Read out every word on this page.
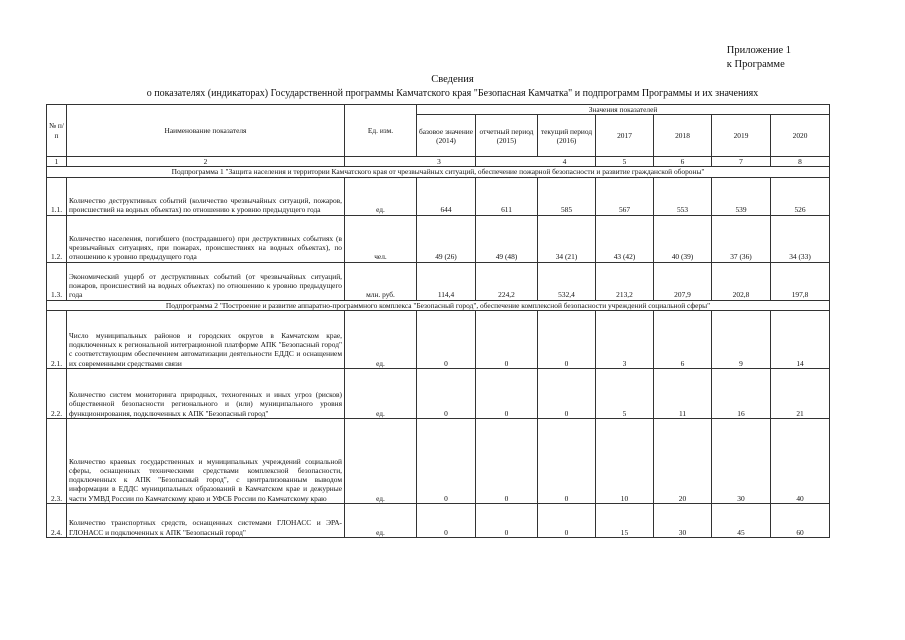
Приложение 1
к Программе
Сведения
о показателях (индикаторах) Государственной программы Камчатского края "Безопасная Камчатка" и подпрограмм Программы и их значениях
№ п/п	Наименование показателя	Ед. изм.	Значения показателей						
			базовое значение (2014)	отчетный период (2015)	текущий период (2016)	2017	2018	2019	2020
1	2	3		4		5	6	7	8
Подпрограмма 1 "Защита населения и территории Камчатского края от чрезвычайных ситуаций, обеспечение пожарной безопасности и развитие гражданской обороны"									
1.1.	Количество деструктивных событий (количество чрезвычайных ситуаций, пожаров, происшествий на водных объектах) по отношению к уровню предыдущего года	ед.	644	611	585	567	553	539	526
1.2.	Количество населения, погибшего (пострадавшего) при деструктивных событиях (в чрезвычайных ситуациях, при пожарах, происшествиях на водных объектах), по отношению к уровню предыдущего года	чел.	49 (26)	49 (48)	34 (21)	43 (42)	40 (39)	37 (36)	34 (33)
1.3.	Экономический ущерб от деструктивных событий (от чрезвычайных ситуаций, пожаров, происшествий на водных объектах) по отношению к уровню предыдущего года	млн. руб.	114,4	224,2	532,4	213,2	207,9	202,8	197,8
Подпрограмма 2 "Построение и развитие аппаратно-программного комплекса "Безопасный город", обеспечение комплексной безопасности учреждений социальной сферы"									
2.1.	Число муниципальных районов и городских округов в Камчатском крае, подключенных к региональной интеграционной платформе АПК "Безопасный город" с соответствующим обеспечением автоматизации деятельности ЕДДС и оснащением их современными средствами связи	ед.	0	0	0	3	6	9	14
2.2.	Количество систем мониторинга природных, техногенных и иных угроз (рисков) общественной безопасности регионального и (или) муниципального уровня функционирования, подключенных к АПК "Безопасный город"	ед.	0	0	0	5	11	16	21
2.3.	Количество краевых государственных и муниципальных учреждений социальной сферы, оснащенных техническими средствами комплексной безопасности, подключенных к АПК "Безопасный город", с централизованным выводом информации в ЕДДС муниципальных образований в Камчатском крае и дежурные части УМВД России по Камчатскому краю и УФСБ России по Камчатскому краю	ед.	0	0	0	10	20	30	40
2.4.	Количество транспортных средств, оснащенных системами ГЛОНАСС и ЭРА-ГЛОНАСС и подключенных к АПК "Безопасный город"	ед.	0	0	0	15	30	45	60
